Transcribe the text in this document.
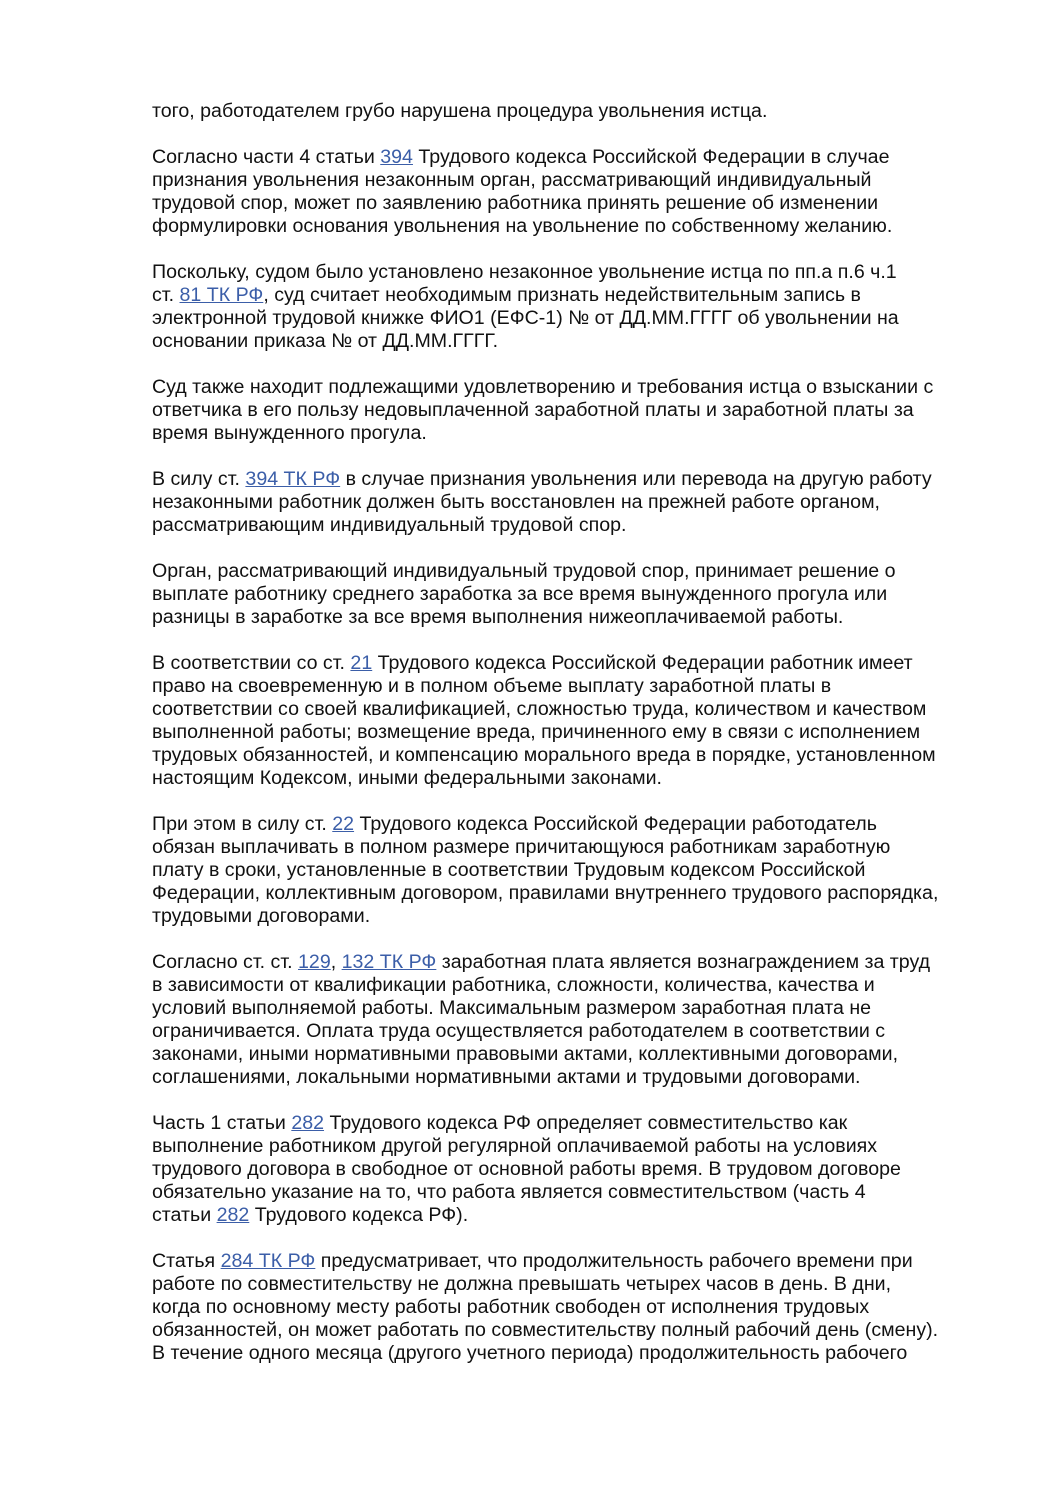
того, работодателем грубо нарушена процедура увольнения истца.
Согласно части 4 статьи 394 Трудового кодекса Российской Федерации в случае
признания увольнения незаконным орган, рассматривающий индивидуальный
трудовой спор, может по заявлению работника принять решение об изменении
формулировки основания увольнения на увольнение по собственному желанию.
Поскольку, судом было установлено незаконное увольнение истца по пп.а п.6 ч.1
ст. 81 ТК РФ, суд считает необходимым признать недействительным запись в
электронной трудовой книжке ФИО1 (ЕФС-1) № от ДД.ММ.ГГГГ об увольнении на
основании приказа № от ДД.ММ.ГГГГ.
Суд также находит подлежащими удовлетворению и требования истца о взыскании с
ответчика в его пользу недовыплаченной заработной платы и заработной платы за
время вынужденного прогула.
В силу ст. 394 ТК РФ в случае признания увольнения или перевода на другую работу
незаконными работник должен быть восстановлен на прежней работе органом,
рассматривающим индивидуальный трудовой спор.
Орган, рассматривающий индивидуальный трудовой спор, принимает решение о
выплате работнику среднего заработка за все время вынужденного прогула или
разницы в заработке за все время выполнения нижеоплачиваемой работы.
В соответствии со ст. 21 Трудового кодекса Российской Федерации работник имеет
право на своевременную и в полном объеме выплату заработной платы в
соответствии со своей квалификацией, сложностью труда, количеством и качеством
выполненной работы; возмещение вреда, причиненного ему в связи с исполнением
трудовых обязанностей, и компенсацию морального вреда в порядке, установленном
настоящим Кодексом, иными федеральными законами.
При этом в силу ст. 22 Трудового кодекса Российской Федерации работодатель
обязан выплачивать в полном размере причитающуюся работникам заработную
плату в сроки, установленные в соответствии Трудовым кодексом Российской
Федерации, коллективным договором, правилами внутреннего трудового распорядка,
трудовыми договорами.
Согласно ст. ст. 129, 132 ТК РФ заработная плата является вознаграждением за труд
в зависимости от квалификации работника, сложности, количества, качества и
условий выполняемой работы. Максимальным размером заработная плата не
ограничивается. Оплата труда осуществляется работодателем в соответствии с
законами, иными нормативными правовыми актами, коллективными договорами,
соглашениями, локальными нормативными актами и трудовыми договорами.
Часть 1 статьи 282 Трудового кодекса РФ определяет совместительство как
выполнение работником другой регулярной оплачиваемой работы на условиях
трудового договора в свободное от основной работы время. В трудовом договоре
обязательно указание на то, что работа является совместительством (часть 4
статьи 282 Трудового кодекса РФ).
Статья 284 ТК РФ предусматривает, что продолжительность рабочего времени при
работе по совместительству не должна превышать четырех часов в день. В дни,
когда по основному месту работы работник свободен от исполнения трудовых
обязанностей, он может работать по совместительству полный рабочий день (смену).
В течение одного месяца (другого учетного периода) продолжительность рабочего
